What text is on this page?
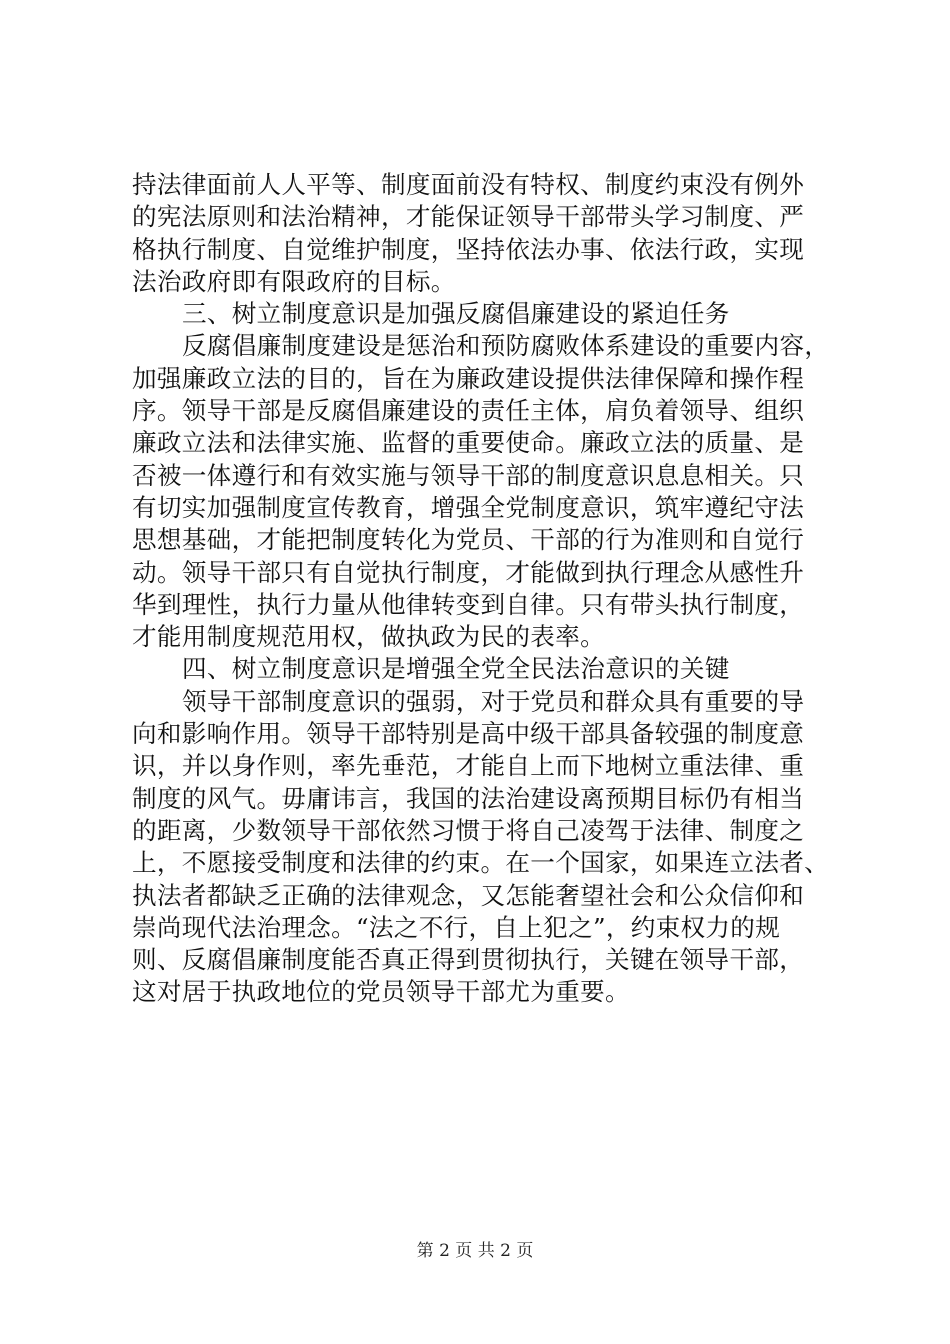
持法律面前人人平等、制度面前没有特权、制度约束没有例外
的宪法原则和法治精神，才能保证领导干部带头学习制度、严
格执行制度、自觉维护制度，坚持依法办事、依法行政，实现
法治政府即有限政府的目标。
三、树立制度意识是加强反腐倡廉建设的紧迫任务
反腐倡廉制度建设是惩治和预防腐败体系建设的重要内容，
加强廉政立法的目的，旨在为廉政建设提供法律保障和操作程
序。领导干部是反腐倡廉建设的责任主体，肩负着领导、组织
廉政立法和法律实施、监督的重要使命。廉政立法的质量、是
否被一体遵行和有效实施与领导干部的制度意识息息相关。只
有切实加强制度宣传教育，增强全党制度意识，筑牢遵纪守法
思想基础，才能把制度转化为党员、干部的行为准则和自觉行
动。领导干部只有自觉执行制度，才能做到执行理念从感性升
华到理性，执行力量从他律转变到自律。只有带头执行制度，
才能用制度规范用权，做执政为民的表率。
四、树立制度意识是增强全党全民法治意识的关键
领导干部制度意识的强弱，对于党员和群众具有重要的导
向和影响作用。领导干部特别是高中级干部具备较强的制度意
识，并以身作则，率先垂范，才能自上而下地树立重法律、重
制度的风气。毋庸讳言，我国的法治建设离预期目标仍有相当
的距离，少数领导干部依然习惯于将自己凌驾于法律、制度之
上，不愿接受制度和法律的约束。在一个国家，如果连立法者、
执法者都缺乏正确的法律观念，又怎能奢望社会和公众信仰和
崇尚现代法治理念。“法之不行，自上犯之”，约束权力的规
则、反腐倡廉制度能否真正得到贯彻执行，关键在领导干部，
这对居于执政地位的党员领导干部尤为重要。
第 2 页 共 2 页
